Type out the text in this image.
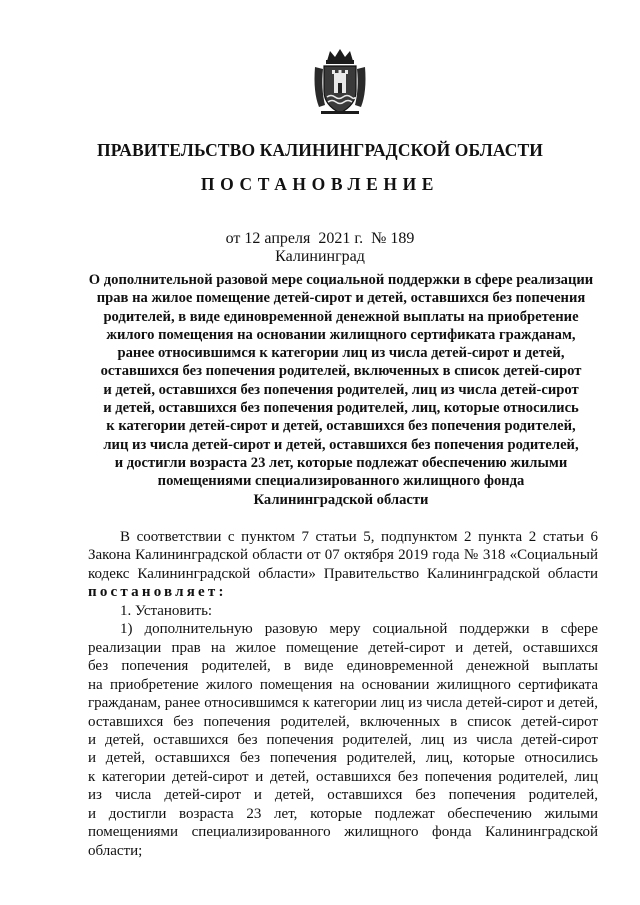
ПРАВИТЕЛЬСТВО КАЛИНИНГРАДСКОЙ ОБЛАСТИ
ПОСТАНОВЛЕНИЕ
от 12 апреля  2021 г. № 189
Калининград
О дополнительной разовой мере социальной поддержки в сфере реализации
прав на жилое помещение детей-сирот и детей, оставшихся без попечения
родителей, в виде единовременной денежной выплаты на приобретение
жилого помещения на основании жилищного сертификата гражданам,
ранее относившимся к категории лиц из числа детей-сирот и детей,
оставшихся без попечения родителей, включенных в список детей-сирот
и детей, оставшихся без попечения родителей, лиц из числа детей-сирот
и детей, оставшихся без попечения родителей, лиц, которые относились
к категории детей-сирот и детей, оставшихся без попечения родителей,
лиц из числа детей-сирот и детей, оставшихся без попечения родителей,
и достигли возраста 23 лет, которые подлежат обеспечению жилыми
помещениями специализированного жилищного фонда
Калининградской области
В соответствии с пунктом 7 статьи 5, подпунктом 2 пункта 2 статьи 6
Закона Калининградской области от 07 октября 2019 года № 318 «Социальный
кодекс Калининградской области» Правительство Калининградской области
постановляет:
1. Установить:
1) дополнительную разовую меру социальной поддержки в сфере
реализации прав на жилое помещение детей-сирот и детей, оставшихся
без попечения родителей, в виде единовременной денежной выплаты
на приобретение жилого помещения на основании жилищного сертификата
гражданам, ранее относившимся к категории лиц из числа детей-сирот и детей,
оставшихся без попечения родителей, включенных в список детей-сирот
и детей, оставшихся без попечения родителей, лиц из числа детей-сирот
и детей, оставшихся без попечения родителей, лиц, которые относились
к категории детей-сирот и детей, оставшихся без попечения родителей, лиц
из числа детей-сирот и детей, оставшихся без попечения родителей,
и достигли возраста 23 лет, которые подлежат обеспечению жилыми
помещениями специализированного жилищного фонда Калининградской
области;
